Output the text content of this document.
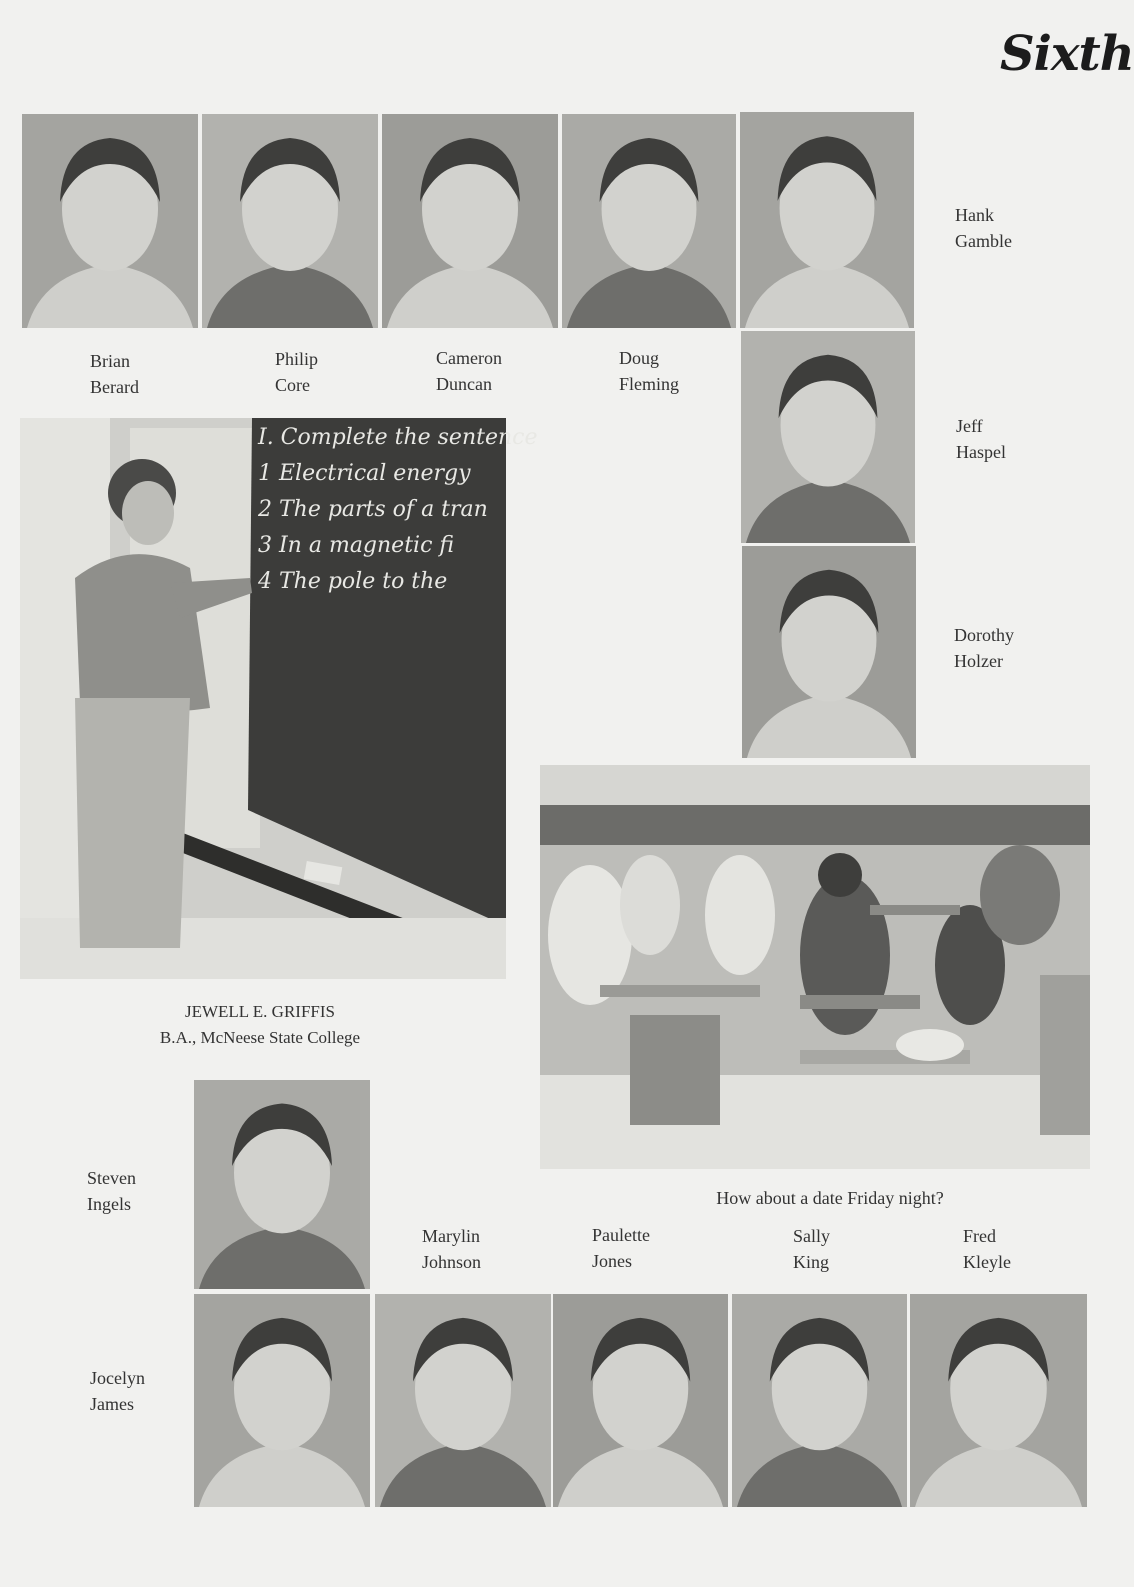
Sixth
Brian
Berard
Philip
Core
Cameron
Duncan
Doug
Fleming
Hank
Gamble
Jeff
Haspel
Dorothy
Holzer
Steven
Ingels
Jocelyn
James
Marylin
Johnson
Paulette
Jones
Sally
King
Fred
Kleyle
I. Complete the sentence
1 Electrical energy
2 The parts of a tran
3 In a magnetic fi
4 The pole to the
JEWELL E. GRIFFIS
B.A., McNeese State College
How about a date Friday night?
